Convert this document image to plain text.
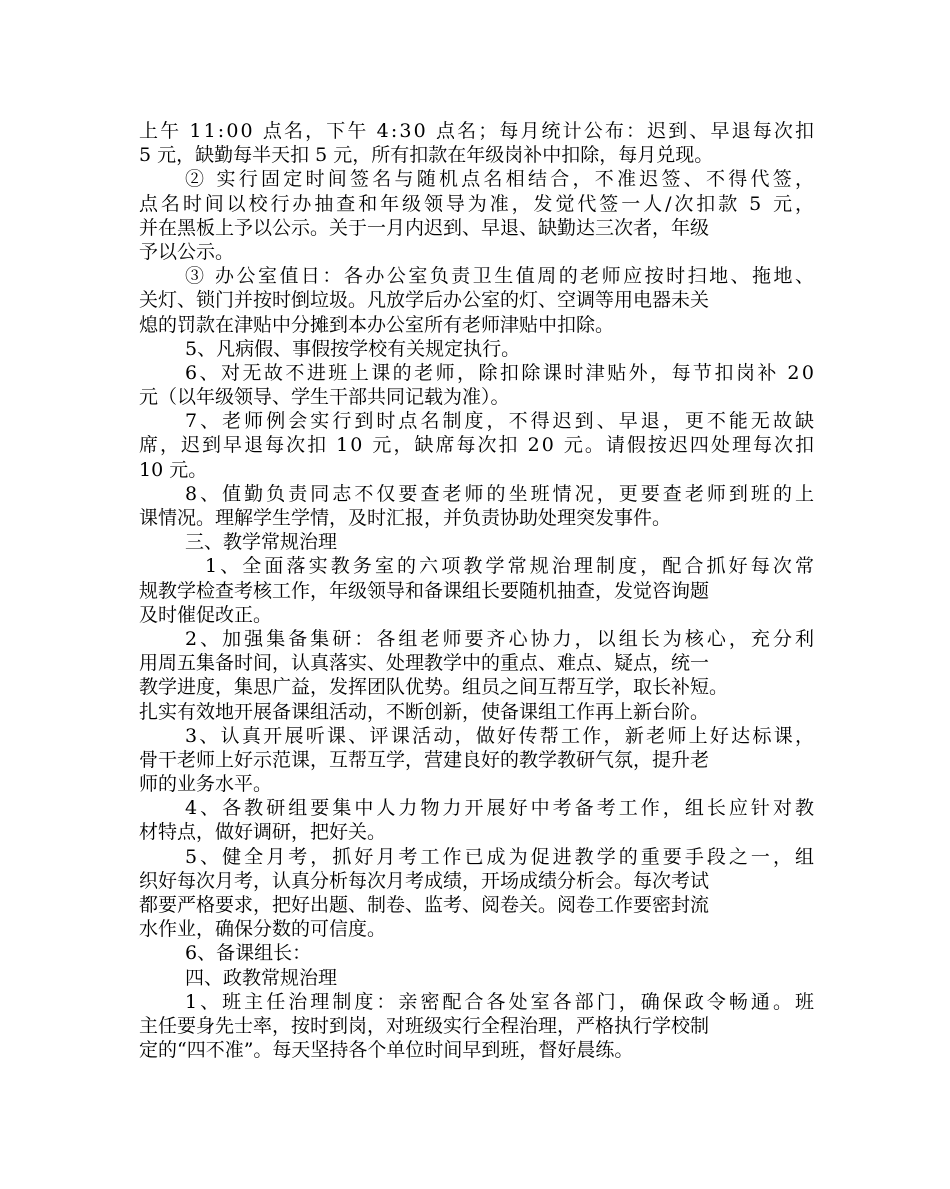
上午 11:00 点名，下午 4:30 点名；每月统计公布：迟到、早退每次扣
5 元，缺勤每半天扣 5 元，所有扣款在年级岗补中扣除，每月兑现。
② 实行固定时间签名与随机点名相结合，不准迟签、不得代签，
点名时间以校行办抽查和年级领导为准，发觉代签一人/次扣款 5 元，
并在黑板上予以公示。关于一月内迟到、早退、缺勤达三次者，年级
予以公示。
③ 办公室值日：各办公室负责卫生值周的老师应按时扫地、拖地、
关灯、锁门并按时倒垃圾。凡放学后办公室的灯、空调等用电器未关
熄的罚款在津贴中分摊到本办公室所有老师津贴中扣除。
5、凡病假、事假按学校有关规定执行。
6、对无故不进班上课的老师，除扣除课时津贴外，每节扣岗补 20
元（以年级领导、学生干部共同记载为准）。
7、老师例会实行到时点名制度，不得迟到、早退，更不能无故缺
席，迟到早退每次扣 10 元，缺席每次扣 20 元。请假按迟四处理每次扣
10 元。
8、值勤负责同志不仅要查老师的坐班情况，更要查老师到班的上
课情况。理解学生学情，及时汇报，并负责协助处理突发事件。
三、教学常规治理
1、全面落实教务室的六项教学常规治理制度，配合抓好每次常
规教学检查考核工作，年级领导和备课组长要随机抽查，发觉咨询题
及时催促改正。
2、加强集备集研：各组老师要齐心协力，以组长为核心，充分利
用周五集备时间，认真落实、处理教学中的重点、难点、疑点，统一
教学进度，集思广益，发挥团队优势。组员之间互帮互学，取长补短。
扎实有效地开展备课组活动，不断创新，使备课组工作再上新台阶。
3、认真开展听课、评课活动，做好传帮工作，新老师上好达标课，
骨干老师上好示范课，互帮互学，营建良好的教学教研气氛，提升老
师的业务水平。
4、各教研组要集中人力物力开展好中考备考工作，组长应针对教
材特点，做好调研，把好关。
5、健全月考，抓好月考工作已成为促进教学的重要手段之一，组
织好每次月考，认真分析每次月考成绩，开场成绩分析会。每次考试
都要严格要求，把好出题、制卷、监考、阅卷关。阅卷工作要密封流
水作业，确保分数的可信度。
6、备课组长：
四、政教常规治理
1、班主任治理制度：亲密配合各处室各部门，确保政令畅通。班
主任要身先士率，按时到岗，对班级实行全程治理，严格执行学校制
定的“四不准”。每天坚持各个单位时间早到班，督好晨练。
